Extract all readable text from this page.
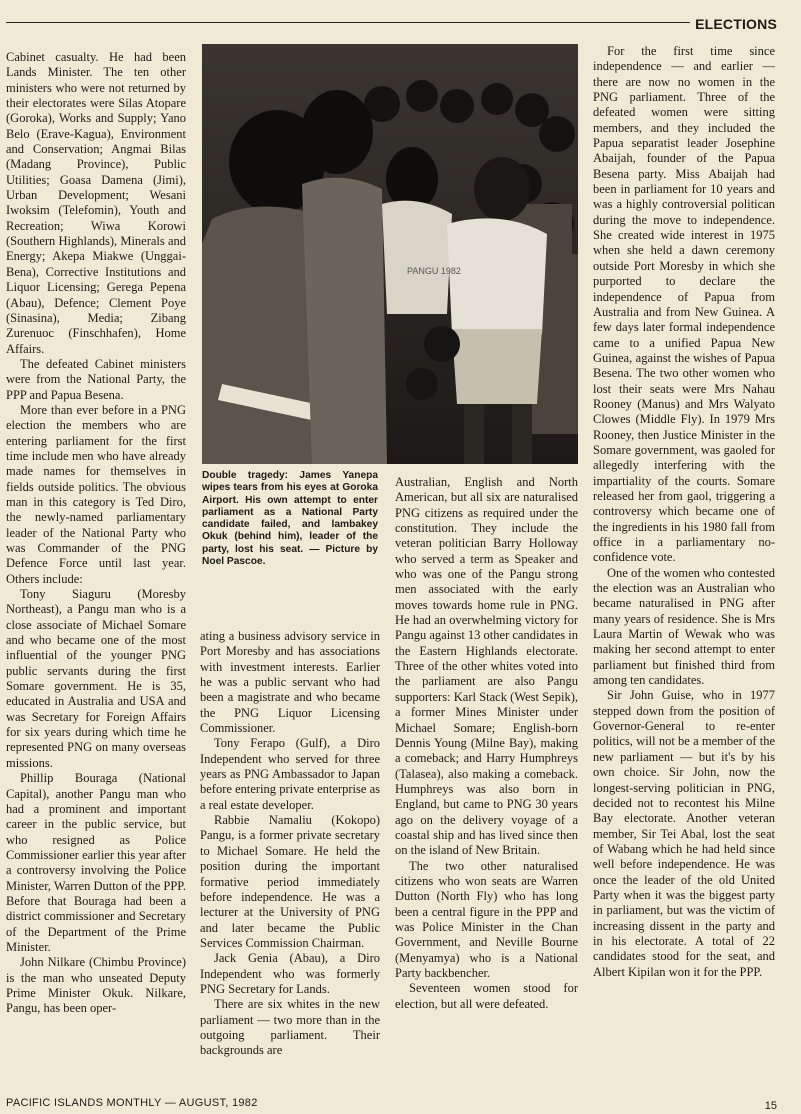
ELECTIONS

Cabinet casualty. He had been Lands Minister. The ten other ministers who were not returned by their electorates were Silas Atopare (Goroka), Works and Supply; Yano Belo (Erave-Kagua), Environment and Conservation; Angmai Bilas (Madang Province), Public Utilities; Goasa Damena (Jimi), Urban Development; Wesani Iwoksim (Telefomin), Youth and Recreation; Wiwa Korowi (Southern Highlands), Minerals and Energy; Akepa Miakwe (Unggai-Bena), Corrective Institutions and Liquor Licensing; Gerega Pepena (Abau), Defence; Clement Poye (Sinasina), Media; Zibang Zurenuoc (Finschhafen), Home Affairs.

The defeated Cabinet ministers were from the National Party, the PPP and Papua Besena.

More than ever before in a PNG election the members who are entering parliament for the first time include men who have already made names for themselves in fields outside politics. The obvious man in this category is Ted Diro, the newly-named parliamentary leader of the National Party who was Commander of the PNG Defence Force until last year. Others include:

Tony Siaguru (Moresby Northeast), a Pangu man who is a close associate of Michael Somare and who became one of the most influential of the younger PNG public servants during the first Somare government. He is 35, educated in Australia and USA and was Secretary for Foreign Affairs for six years during which time he represented PNG on many overseas missions.

Phillip Bouraga (National Capital), another Pangu man who had a prominent and important career in the public service, but who resigned as Police Commissioner earlier this year after a controversy involving the Police Minister, Warren Dutton of the PPP. Before that Bouraga had been a district commissioner and Secretary of the Department of the Prime Minister.

John Nilkare (Chimbu Province) is the man who unseated Deputy Prime Minister Okuk. Nilkare, Pangu, has been oper-

PANGU 1982
Double tragedy: James Yanepa wipes tears from his eyes at Goroka Airport. His own attempt to enter parliament as a National Party candidate failed, and lambakey Okuk (behind him), leader of the party, lost his seat. — Picture by Noel Pascoe.

ating a business advisory service in Port Moresby and has associations with investment interests. Earlier he was a public servant who had been a magistrate and who became the PNG Liquor Licensing Commissioner.

Tony Ferapo (Gulf), a Diro Independent who served for three years as PNG Ambassador to Japan before entering private enterprise as a real estate developer.

Rabbie Namaliu (Kokopo) Pangu, is a former private secretary to Michael Somare. He held the position during the important formative period immediately before independence. He was a lecturer at the University of PNG and later became the Public Services Commission Chairman.

Jack Genia (Abau), a Diro Independent who was formerly PNG Secretary for Lands.

There are six whites in the new parliament — two more than in the outgoing parliament. Their backgrounds are

Australian, English and North American, but all six are naturalised PNG citizens as required under the constitution. They include the veteran politician Barry Holloway who served a term as Speaker and who was one of the Pangu strong men associated with the early moves towards home rule in PNG. He had an overwhelming victory for Pangu against 13 other candidates in the Eastern Highlands electorate. Three of the other whites voted into the parliament are also Pangu supporters: Karl Stack (West Sepik), a former Mines Minister under Michael Somare; English-born Dennis Young (Milne Bay), making a comeback; and Harry Humphreys (Talasea), also making a comeback. Humphreys was also born in England, but came to PNG 30 years ago on the delivery voyage of a coastal ship and has lived since then on the island of New Britain.

The two other naturalised citizens who won seats are Warren Dutton (North Fly) who has long been a central figure in the PPP and was Police Minister in the Chan Government, and Neville Bourne (Menyamya) who is a National Party backbencher.

Seventeen women stood for election, but all were defeated.

For the first time since independence — and earlier — there are now no women in the PNG parliament. Three of the defeated women were sitting members, and they included the Papua separatist leader Josephine Abaijah, founder of the Papua Besena party. Miss Abaijah had been in parliament for 10 years and was a highly controversial politican during the move to independence. She created wide interest in 1975 when she held a dawn ceremony outside Port Moresby in which she purported to declare the independence of Papua from Australia and from New Guinea. A few days later formal independence came to a unified Papua New Guinea, against the wishes of Papua Besena. The two other women who lost their seats were Mrs Nahau Rooney (Manus) and Mrs Walyato Clowes (Middle Fly). In 1979 Mrs Rooney, then Justice Minister in the Somare government, was gaoled for allegedly interfering with the impartiality of the courts. Somare released her from gaol, triggering a controversy which became one of the ingredients in his 1980 fall from office in a parliamentary no-confidence vote.

One of the women who contested the election was an Australian who became naturalised in PNG after many years of residence. She is Mrs Laura Martin of Wewak who was making her second attempt to enter parliament but finished third from among ten candidates.

Sir John Guise, who in 1977 stepped down from the position of Governor-General to re-enter politics, will not be a member of the new parliament — but it's by his own choice. Sir John, now the longest-serving politician in PNG, decided not to recontest his Milne Bay electorate. Another veteran member, Sir Tei Abal, lost the seat of Wabang which he had held since well before independence. He was once the leader of the old United Party when it was the biggest party in parliament, but was the victim of increasing dissent in the party and in his electorate. A total of 22 candidates stood for the seat, and Albert Kipilan won it for the PPP.

PACIFIC ISLANDS MONTHLY — AUGUST, 1982	15
